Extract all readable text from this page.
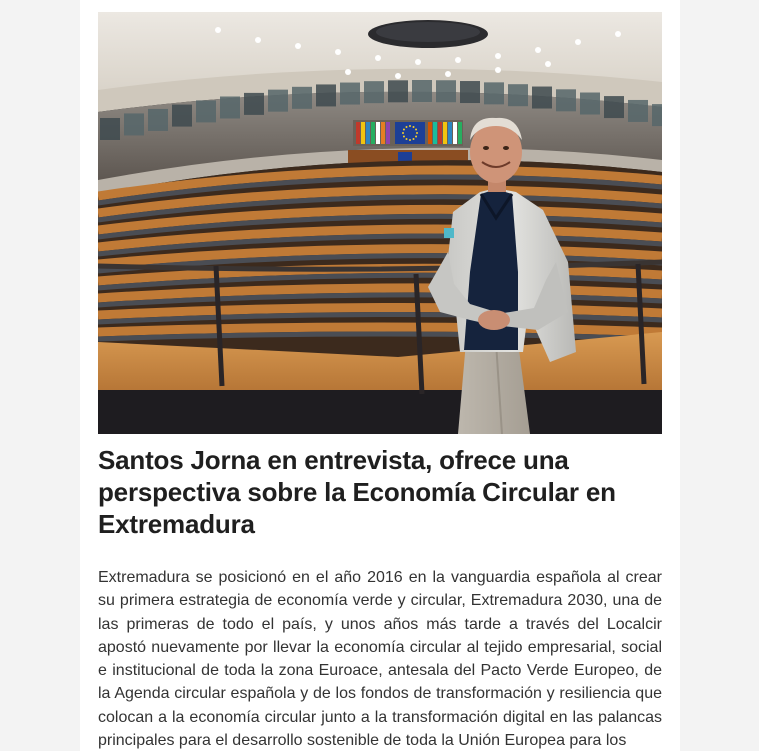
Santos Jorna en entrevista, ofrece una perspectiva sobre la Economía Circular en Extremadura

Extremadura se posicionó en el año 2016 en la vanguardia española al crear su primera estrategia de economía verde y circular, Extremadura 2030, una de las primeras de todo el país, y unos años más tarde a través del Localcir apostó nuevamente por llevar la economía circular al tejido empresarial, social e institucional de toda la zona Euroace, antesala del Pacto Verde Europeo, de la Agenda circular española y de los fondos de transformación y resiliencia que colocan a la economía circular junto a la transformación digital en las palancas principales para el desarrollo sostenible de toda la Unión Europea para los
